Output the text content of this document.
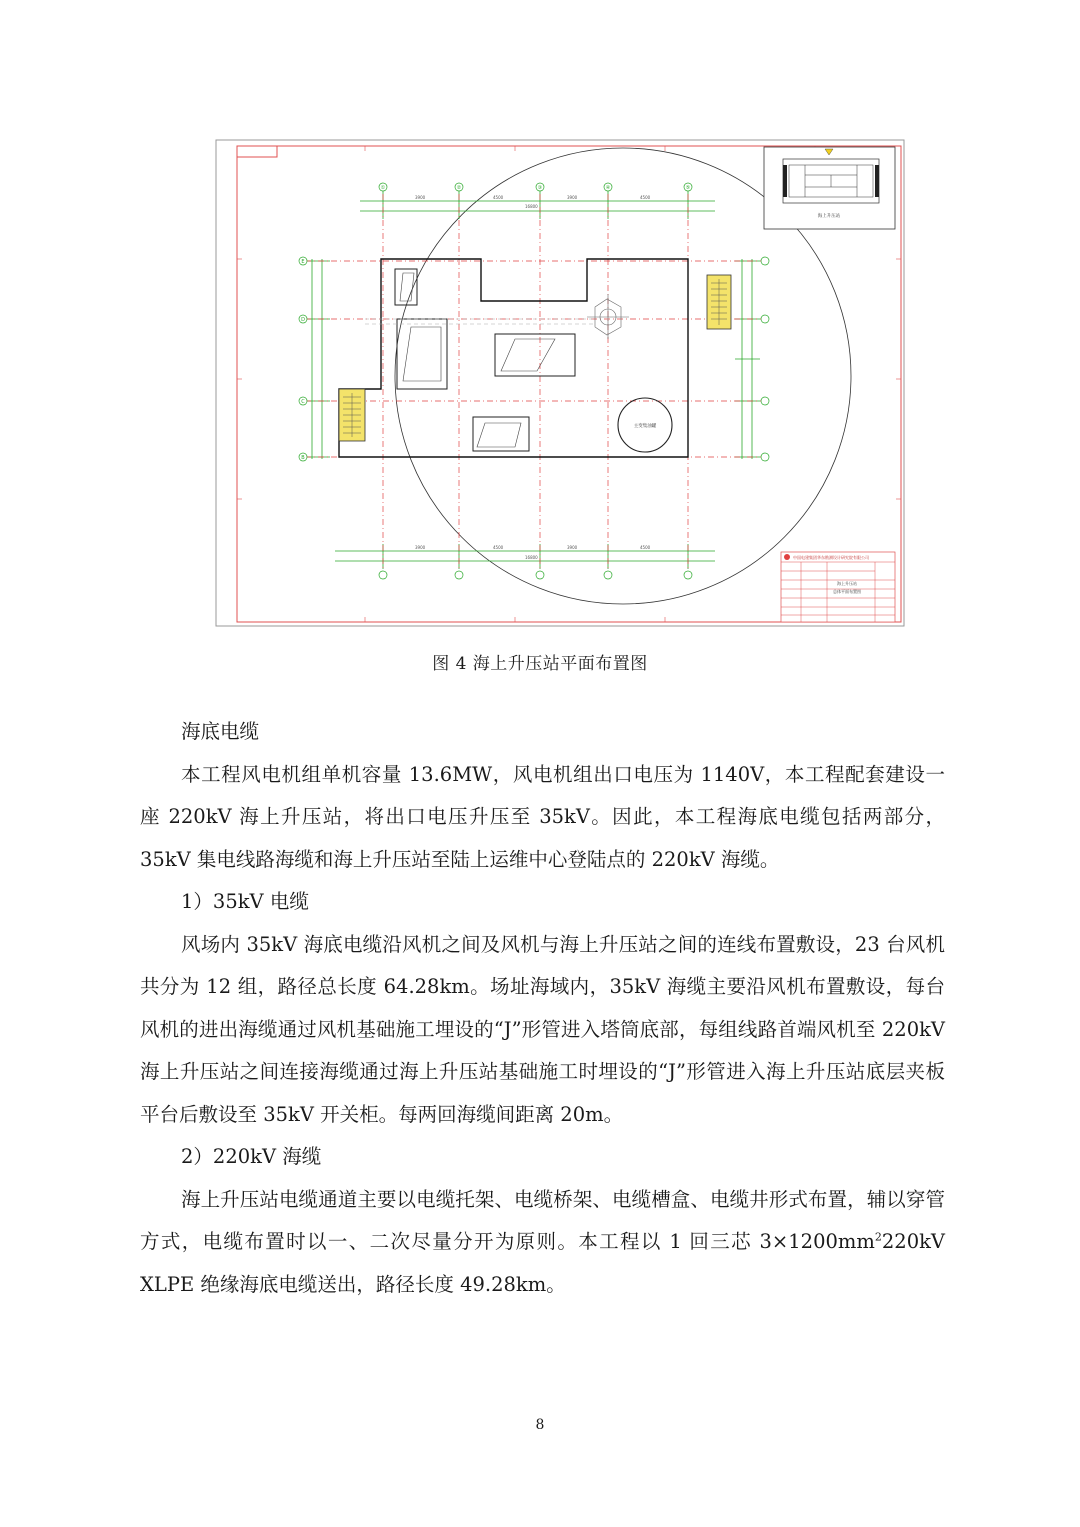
3900	4500	3900	4500
16800
3900	4500	3900	4500
16800
①	②	③	④	⑤
E
D
C
B
主变集油罐
海上升压站
中国电建集团华东勘测设计研究院有限公司
海上升压站
总体平面布置图
图 4 海上升压站平面布置图

海底电缆

本工程风电机组单机容量 13.6MW，风电机组出口电压为 1140V，本工程配套建设一座 220kV 海上升压站，将出口电压升压至 35kV。因此，本工程海底电缆包括两部分，35kV 集电线路海缆和海上升压站至陆上运维中心登陆点的 220kV 海缆。

1）35kV 电缆

风场内 35kV 海底电缆沿风机之间及风机与海上升压站之间的连线布置敷设，23 台风机共分为 12 组，路径总长度 64.28km。场址海域内，35kV 海缆主要沿风机布置敷设，每台风机的进出海缆通过风机基础施工埋设的“J”形管进入塔筒底部，每组线路首端风机至 220kV 海上升压站之间连接海缆通过海上升压站基础施工时埋设的“J”形管进入海上升压站底层夹板平台后敷设至 35kV 开关柜。每两回海缆间距离 20m。

2）220kV 海缆

海上升压站电缆通道主要以电缆托架、电缆桥架、电缆槽盒、电缆井形式布置，辅以穿管方式，电缆布置时以一、二次尽量分开为原则。本工程以 1 回三芯 $3\times 1200mm^2220kV$ XLPE 绝缘海底电缆送出，路径长度 49.28km。

8
